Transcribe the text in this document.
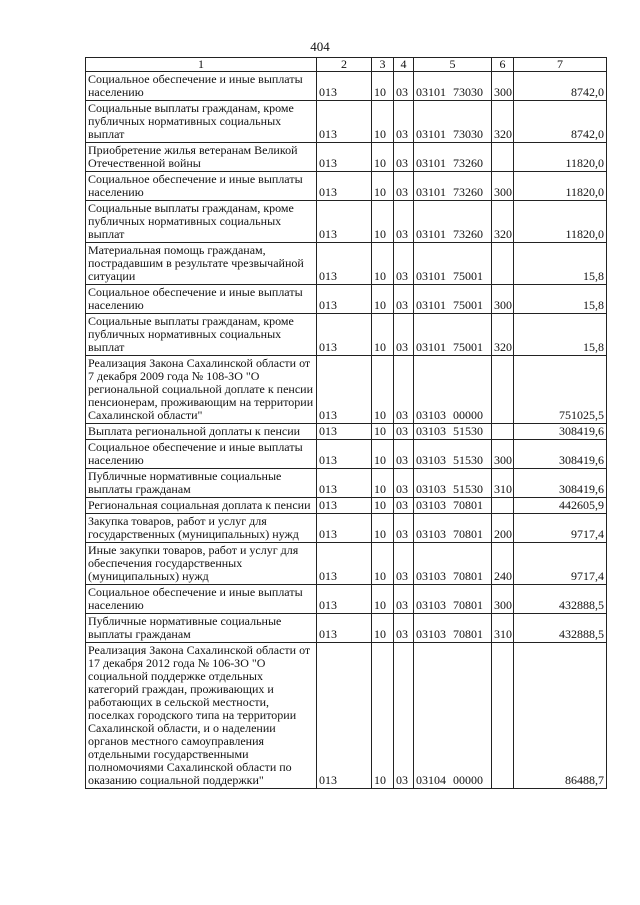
404
1	2	3	4	5	6	7
Социальное обеспечение и иные выплаты населению	013	10	03	03101 73030	300	8742,0
Социальные выплаты гражданам, кроме публичных нормативных социальных выплат	013	10	03	03101 73030	320	8742,0
Приобретение жилья ветеранам Великой Отечественной войны	013	10	03	03101 73260		11820,0
Социальное обеспечение и иные выплаты населению	013	10	03	03101 73260	300	11820,0
Социальные выплаты гражданам, кроме публичных нормативных социальных выплат	013	10	03	03101 73260	320	11820,0
Материальная помощь гражданам, пострадавшим в результате чрезвычайной ситуации	013	10	03	03101 75001		15,8
Социальное обеспечение и иные выплаты населению	013	10	03	03101 75001	300	15,8
Социальные выплаты гражданам, кроме публичных нормативных социальных выплат	013	10	03	03101 75001	320	15,8
Реализация Закона Сахалинской области от 7 декабря 2009 года № 108-ЗО "О региональной социальной доплате к пенсии пенсионерам, проживающим на территории Сахалинской области"	013	10	03	03103 00000		751025,5
Выплата региональной доплаты к пенсии	013	10	03	03103 51530		308419,6
Социальное обеспечение и иные выплаты населению	013	10	03	03103 51530	300	308419,6
Публичные нормативные социальные выплаты гражданам	013	10	03	03103 51530	310	308419,6
Региональная социальная доплата к пенсии	013	10	03	03103 70801		442605,9
Закупка товаров, работ и услуг для государственных (муниципальных) нужд	013	10	03	03103 70801	200	9717,4
Иные закупки товаров, работ и услуг для обеспечения государственных (муниципальных) нужд	013	10	03	03103 70801	240	9717,4
Социальное обеспечение и иные выплаты населению	013	10	03	03103 70801	300	432888,5
Публичные нормативные социальные выплаты гражданам	013	10	03	03103 70801	310	432888,5
Реализация Закона Сахалинской области от 17 декабря 2012 года № 106-ЗО "О социальной поддержке отдельных категорий граждан, проживающих и работающих в сельской местности, поселках городского типа на территории Сахалинской области, и о наделении органов местного самоуправления отдельными государственными полномочиями Сахалинской области по оказанию социальной поддержки"	013	10	03	03104 00000		86488,7
